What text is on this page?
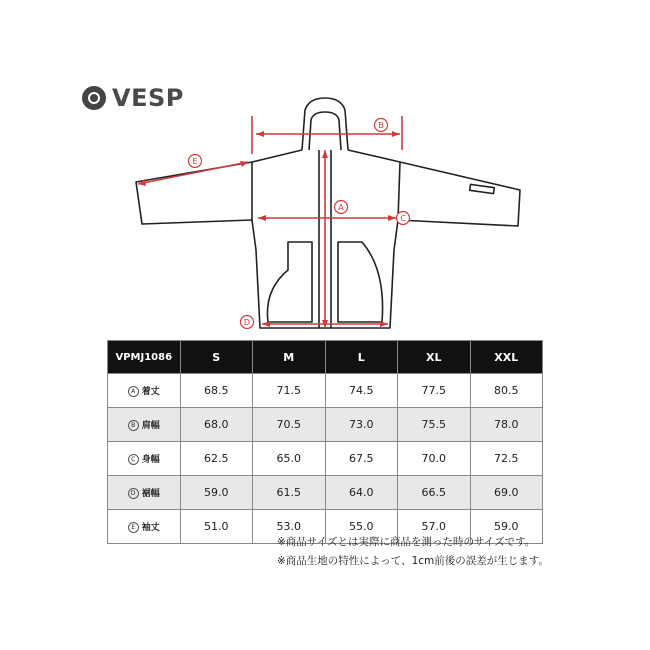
VESP
B
A
C
D
E
VPMJ1086	S	M	L	XL	XXL
A 着丈	68.5	71.5	74.5	77.5	80.5
B 肩幅	68.0	70.5	73.0	75.5	78.0
C 身幅	62.5	65.0	67.5	70.0	72.5
D 裾幅	59.0	61.5	64.0	66.5	69.0
E 袖丈	51.0	53.0	55.0	57.0	59.0
※商品サイズとは実際に商品を測った時のサイズです。
※商品生地の特性によって、1cm前後の誤差が生じます。
